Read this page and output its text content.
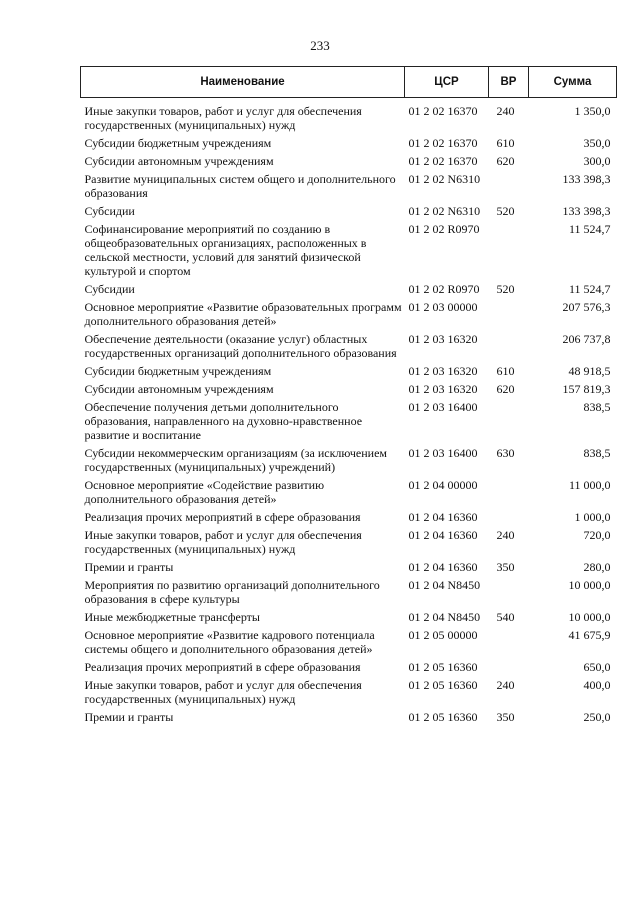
233
Наименование	ЦСР	ВР	Сумма
Иные закупки товаров, работ и услуг для обеспечения государственных (муниципальных) нужд	01 2 02 16370	240	1 350,0
Субсидии бюджетным учреждениям	01 2 02 16370	610	350,0
Субсидии автономным учреждениям	01 2 02 16370	620	300,0
Развитие муниципальных систем общего и дополнительного образования	01 2 02 N6310		133 398,3
Субсидии	01 2 02 N6310	520	133 398,3
Софинансирование мероприятий по созданию в общеобразовательных организациях, расположенных в сельской местности, условий для занятий физической культурой и спортом	01 2 02 R0970		11 524,7
Субсидии	01 2 02 R0970	520	11 524,7
Основное мероприятие «Развитие образовательных программ дополнительного образования детей»	01 2 03 00000		207 576,3
Обеспечение деятельности (оказание услуг) областных государственных организаций дополнительного образования	01 2 03 16320		206 737,8
Субсидии бюджетным учреждениям	01 2 03 16320	610	48 918,5
Субсидии автономным учреждениям	01 2 03 16320	620	157 819,3
Обеспечение получения детьми дополнительного образования, направленного на духовно-нравственное развитие и воспитание	01 2 03 16400		838,5
Субсидии некоммерческим организациям (за исключением государственных (муниципальных) учреждений)	01 2 03 16400	630	838,5
Основное мероприятие «Содействие развитию дополнительного образования детей»	01 2 04 00000		11 000,0
Реализация прочих мероприятий в сфере образования	01 2 04 16360		1 000,0
Иные закупки товаров, работ и услуг для обеспечения государственных (муниципальных) нужд	01 2 04 16360	240	720,0
Премии и гранты	01 2 04 16360	350	280,0
Мероприятия по развитию организаций дополнительного образования в сфере культуры	01 2 04 N8450		10 000,0
Иные межбюджетные трансферты	01 2 04 N8450	540	10 000,0
Основное мероприятие «Развитие кадрового потенциала системы общего и дополнительного образования детей»	01 2 05 00000		41 675,9
Реализация прочих мероприятий в сфере образования	01 2 05 16360		650,0
Иные закупки товаров, работ и услуг для обеспечения государственных (муниципальных) нужд	01 2 05 16360	240	400,0
Премии и гранты	01 2 05 16360	350	250,0
